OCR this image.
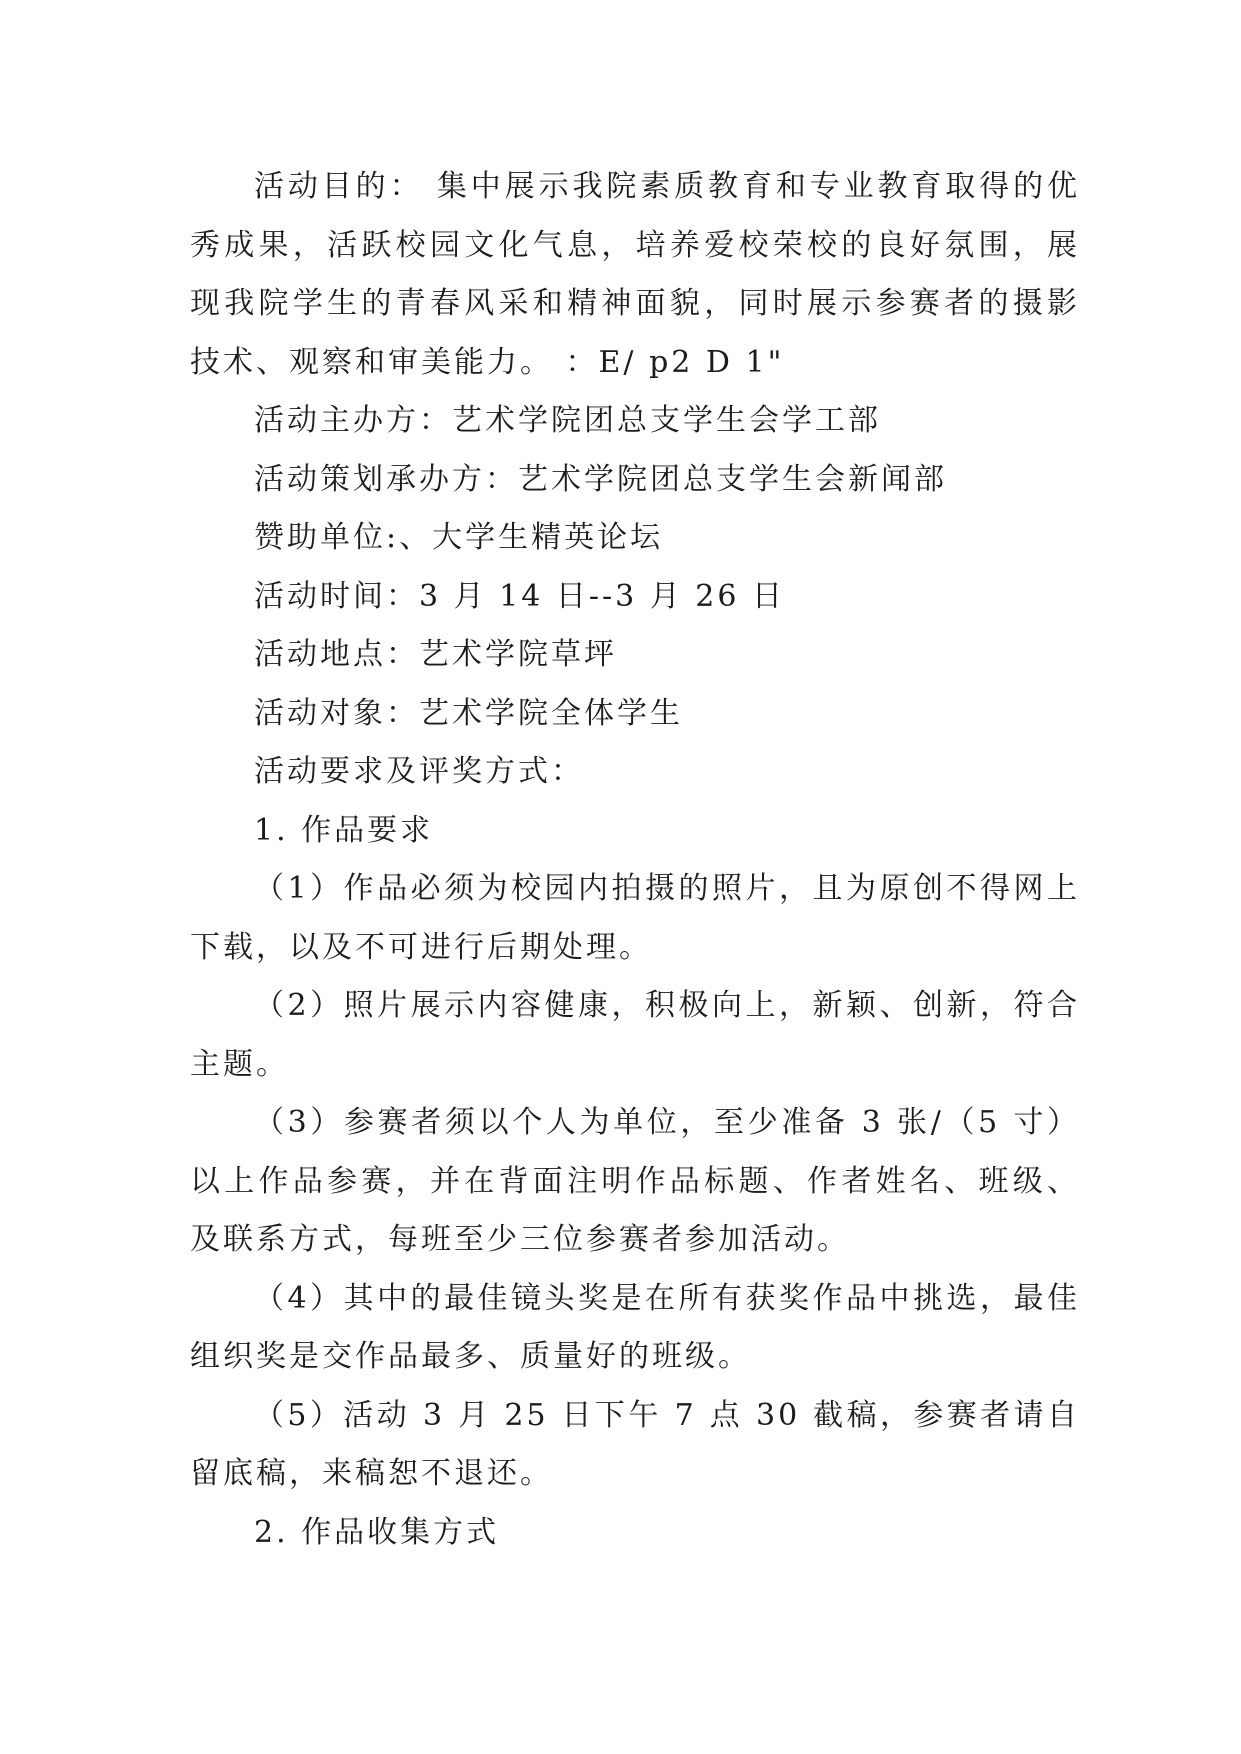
活动目的： 集中展示我院素质教育和专业教育取得的优秀成果，活跃校园文化气息，培养爱校荣校的良好氛围，展现我院学生的青春风采和精神面貌，同时展示参赛者的摄影技术、观察和审美能力。 ：E/ p2 D 1"

活动主办方：艺术学院团总支学生会学工部

活动策划承办方：艺术学院团总支学生会新闻部

赞助单位:、大学生精英论坛

活动时间：3 月 14 日--3 月 26 日

活动地点：艺术学院草坪

活动对象：艺术学院全体学生

活动要求及评奖方式：

1. 作品要求

（1）作品必须为校园内拍摄的照片，且为原创不得网上下载，以及不可进行后期处理。

（2）照片展示内容健康，积极向上，新颖、创新，符合主题。

（3）参赛者须以个人为单位，至少准备 3 张/（5 寸）以上作品参赛，并在背面注明作品标题、作者姓名、班级、及联系方式，每班至少三位参赛者参加活动。

（4）其中的最佳镜头奖是在所有获奖作品中挑选，最佳组织奖是交作品最多、质量好的班级。

（5）活动 3 月 25 日下午 7 点 30 截稿，参赛者请自留底稿，来稿恕不退还。

2. 作品收集方式
